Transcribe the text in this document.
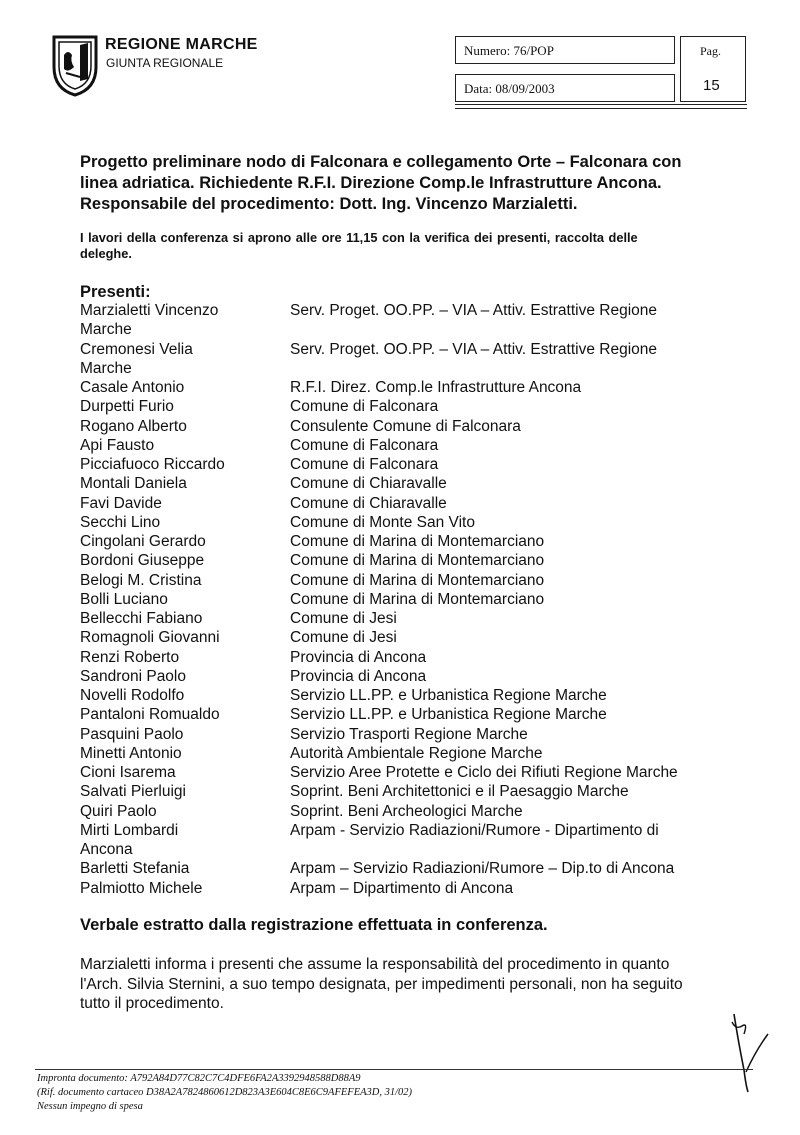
REGIONE MARCHE
GIUNTA REGIONALE
Numero: 76/POP
Data: 08/09/2003
Pag.
15
Progetto preliminare nodo di Falconara e collegamento Orte – Falconara con
linea adriatica. Richiedente R.F.I. Direzione Comp.le Infrastrutture Ancona.
Responsabile del procedimento: Dott. Ing. Vincenzo Marzialetti.
I lavori della conferenza si aprono alle ore 11,15 con la verifica dei presenti, raccolta delle
deleghe.
Presenti:
Marzialetti Vincenzo	Serv. Proget. OO.PP. – VIA – Attiv. Estrattive Regione
Marche
Cremonesi Velia	Serv. Proget. OO.PP. – VIA – Attiv. Estrattive Regione
Marche
Casale Antonio	R.F.I. Direz. Comp.le Infrastrutture Ancona
Durpetti Furio	Comune di Falconara
Rogano Alberto	Consulente Comune di Falconara
Api Fausto	Comune di Falconara
Picciafuoco Riccardo	Comune di Falconara
Montali Daniela	Comune di Chiaravalle
Favi Davide	Comune di Chiaravalle
Secchi Lino	Comune di Monte San Vito
Cingolani Gerardo	Comune di Marina di Montemarciano
Bordoni Giuseppe	Comune di Marina di Montemarciano
Belogi M. Cristina	Comune di Marina di Montemarciano
Bolli Luciano	Comune di Marina di Montemarciano
Bellecchi Fabiano	Comune di Jesi
Romagnoli Giovanni	Comune di Jesi
Renzi Roberto	Provincia di Ancona
Sandroni Paolo	Provincia di Ancona
Novelli Rodolfo	Servizio LL.PP. e Urbanistica Regione Marche
Pantaloni Romualdo	Servizio LL.PP. e Urbanistica Regione Marche
Pasquini Paolo	Servizio Trasporti Regione Marche
Minetti Antonio	Autorità Ambientale Regione Marche
Cioni Isarema	Servizio Aree Protette e Ciclo dei Rifiuti Regione Marche
Salvati Pierluigi	Soprint. Beni Architettonici e il Paesaggio Marche
Quiri Paolo	Soprint. Beni Archeologici Marche
Mirti Lombardi	Arpam - Servizio Radiazioni/Rumore - Dipartimento di
Ancona
Barletti Stefania	Arpam – Servizio Radiazioni/Rumore – Dip.to di Ancona
Palmiotto Michele	Arpam – Dipartimento di Ancona
Verbale estratto dalla registrazione effettuata in conferenza.
Marzialetti informa i presenti che assume la responsabilità del procedimento in quanto
l'Arch. Silvia Sternini, a suo tempo designata, per impedimenti personali, non ha seguito
tutto il procedimento.
Impronta documento: A792A84D77C82C7C4DFE6FA2A3392948588D88A9
(Rif. documento cartaceo D38A2A7824860612D823A3E604C8E6C9AFEFEA3D, 31/02)
Nessun impegno di spesa
